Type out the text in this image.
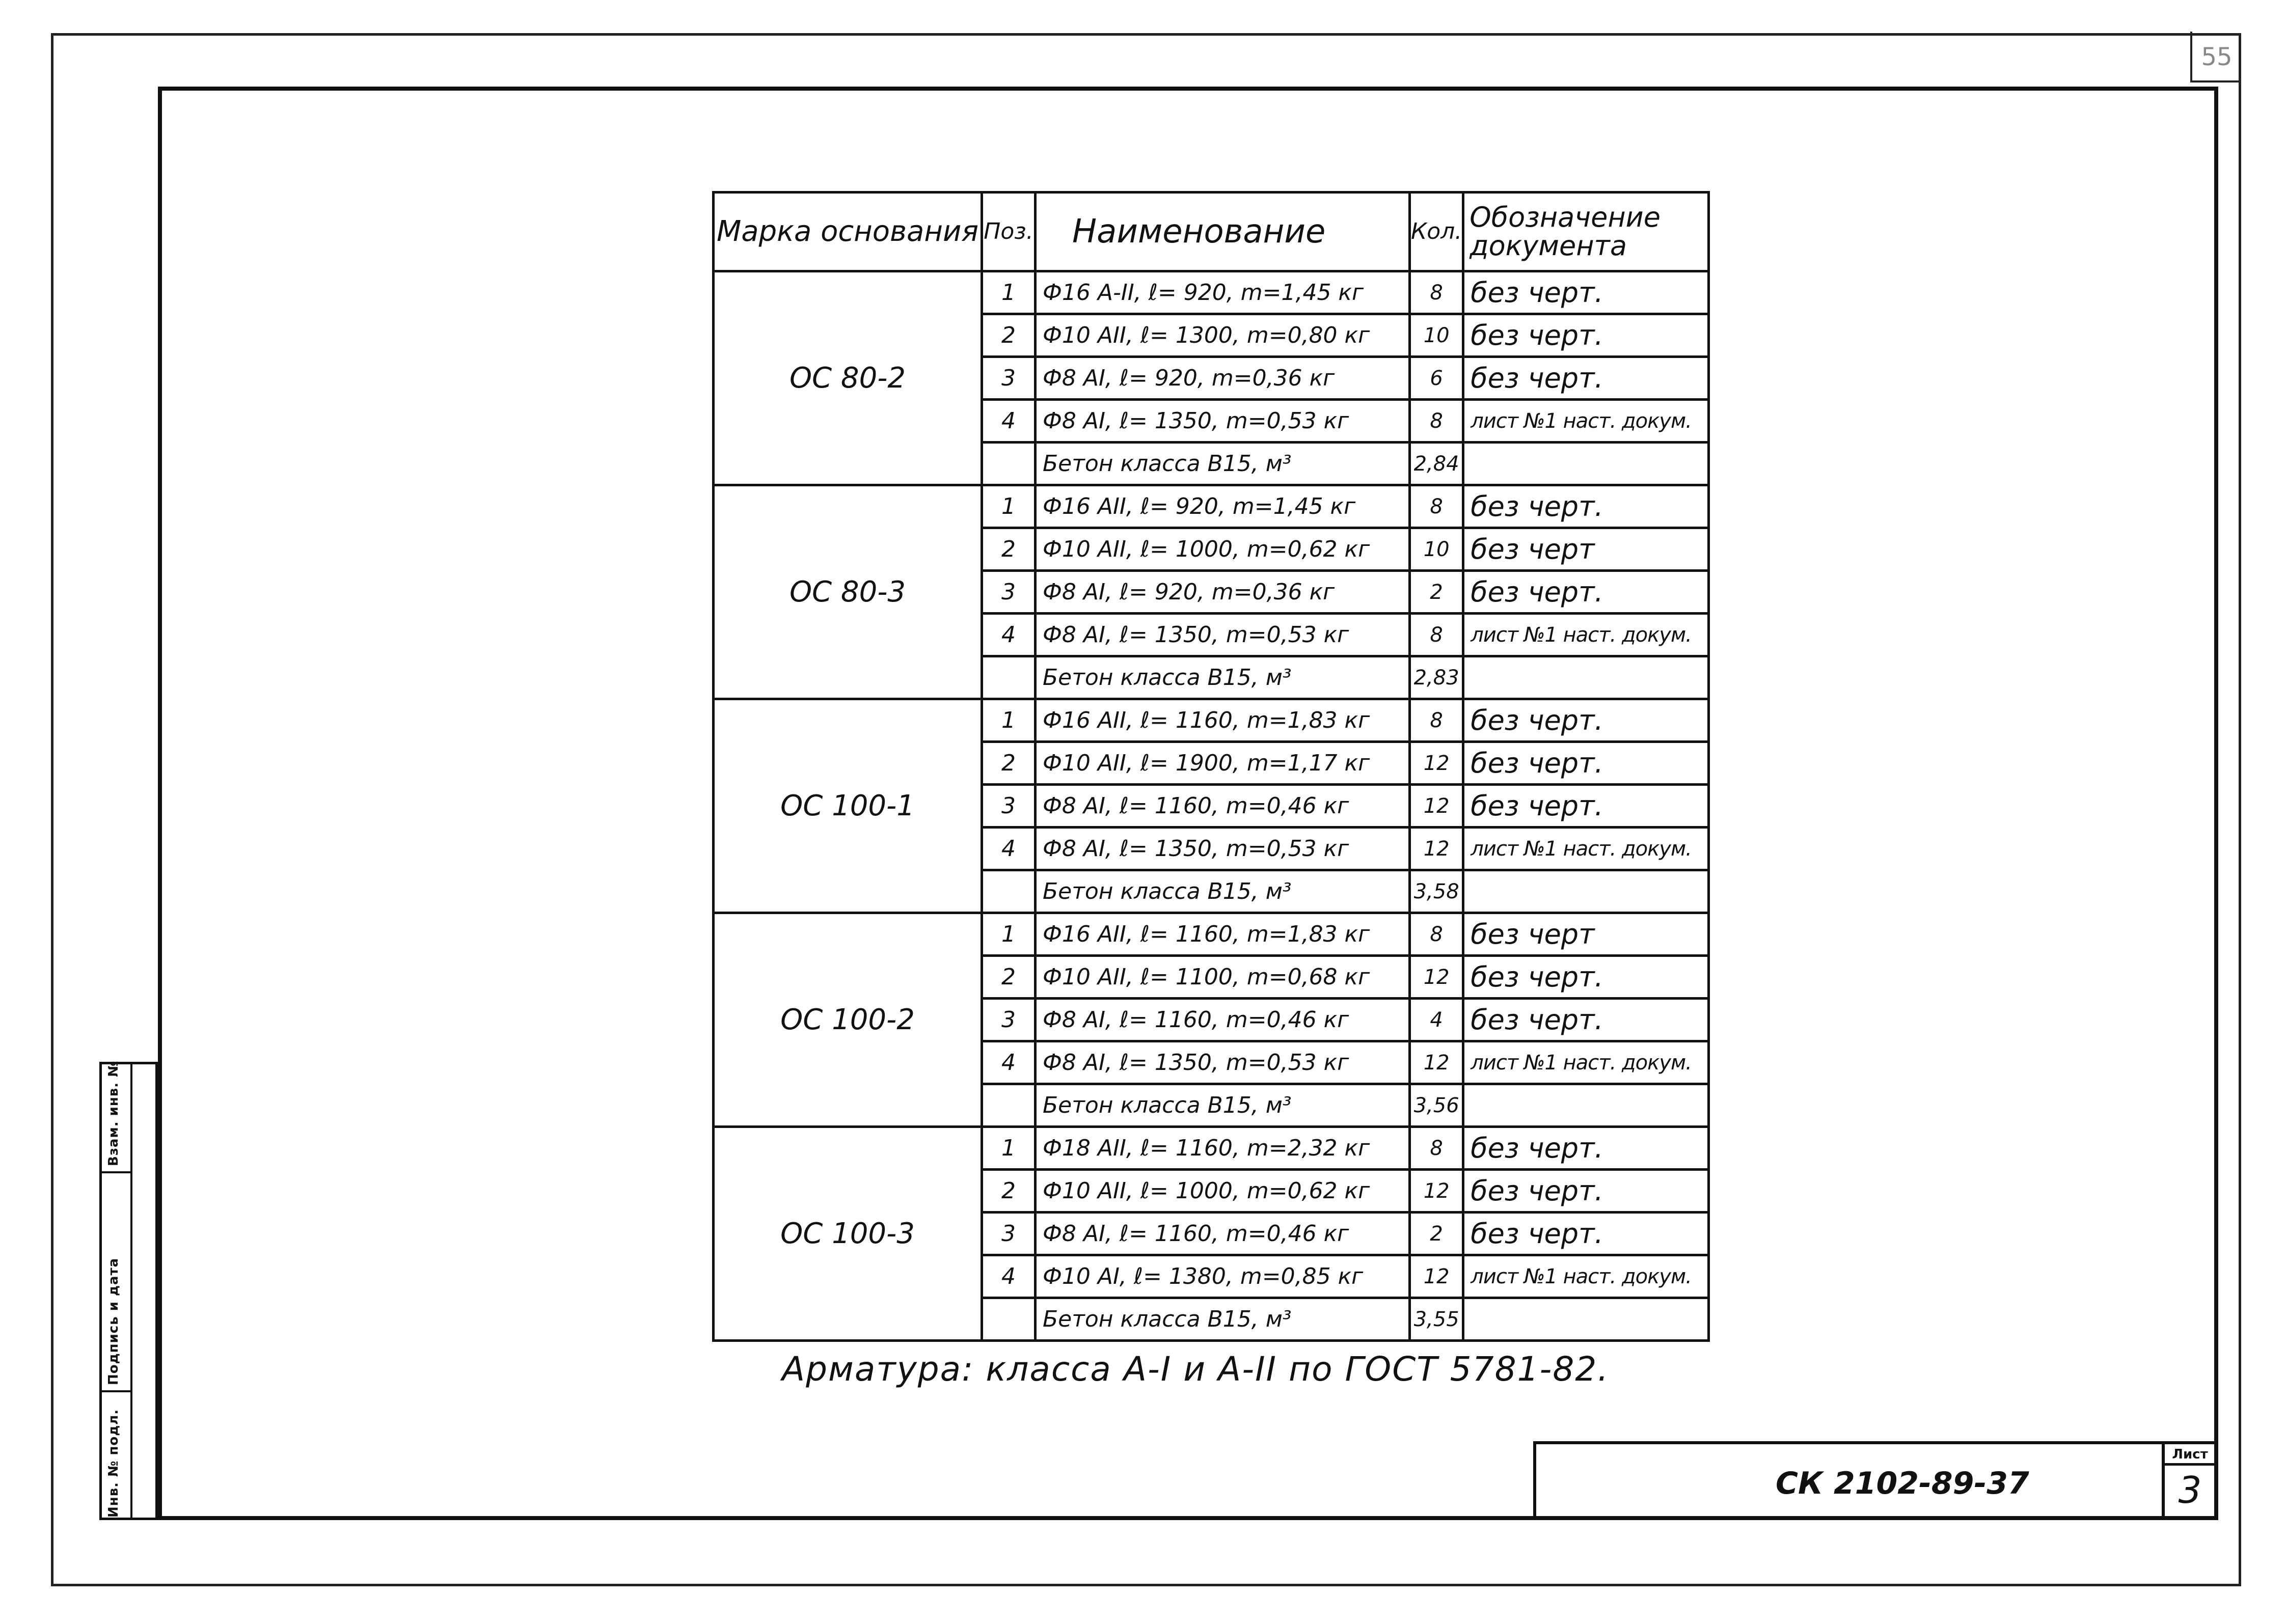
55
Инв. № подл.
Подпись и дата
Взам. инв. №
Марка основания	Поз.	Наименование	Кол.	Обозначение документа
ОС 80-2	1	Ф16 А-II, ℓ= 920, m=1,45 кг	8	без черт.
	2	Ф10 АII, ℓ= 1300, m=0,80 кг	10	без черт.
	3	Ф8 АI, ℓ= 920, m=0,36 кг	6	без черт.
	4	Ф8 АI, ℓ= 1350, m=0,53 кг	8	лист №1 наст. докум.
		Бетон класса В15, м³	2,84	
ОС 80-3	1	Ф16 АII, ℓ= 920, m=1,45 кг	8	без черт.
	2	Ф10 АII, ℓ= 1000, m=0,62 кг	10	без черт
	3	Ф8 АI, ℓ= 920, m=0,36 кг	2	без черт.
	4	Ф8 АI, ℓ= 1350, m=0,53 кг	8	лист №1 наст. докум.
		Бетон класса В15, м³	2,83	
ОС 100-1	1	Ф16 АII, ℓ= 1160, m=1,83 кг	8	без черт.
	2	Ф10 АII, ℓ= 1900, m=1,17 кг	12	без черт.
	3	Ф8 АI, ℓ= 1160, m=0,46 кг	12	без черт.
	4	Ф8 АI, ℓ= 1350, m=0,53 кг	12	лист №1 наст. докум.
		Бетон класса В15, м³	3,58	
ОС 100-2	1	Ф16 АII, ℓ= 1160, m=1,83 кг	8	без черт
	2	Ф10 АII, ℓ= 1100, m=0,68 кг	12	без черт.
	3	Ф8 АI, ℓ= 1160, m=0,46 кг	4	без черт.
	4	Ф8 АI, ℓ= 1350, m=0,53 кг	12	лист №1 наст. докум.
		Бетон класса В15, м³	3,56	
ОС 100-3	1	Ф18 АII, ℓ= 1160, m=2,32 кг	8	без черт.
	2	Ф10 АII, ℓ= 1000, m=0,62 кг	12	без черт.
	3	Ф8 АI, ℓ= 1160, m=0,46 кг	2	без черт.
	4	Ф10 АI, ℓ= 1380, m=0,85 кг	12	лист №1 наст. докум.
		Бетон класса В15, м³	3,55	
Арматура: класса А-I и А-II по ГОСТ 5781-82.
СК 2102-89-37
Лист
3
